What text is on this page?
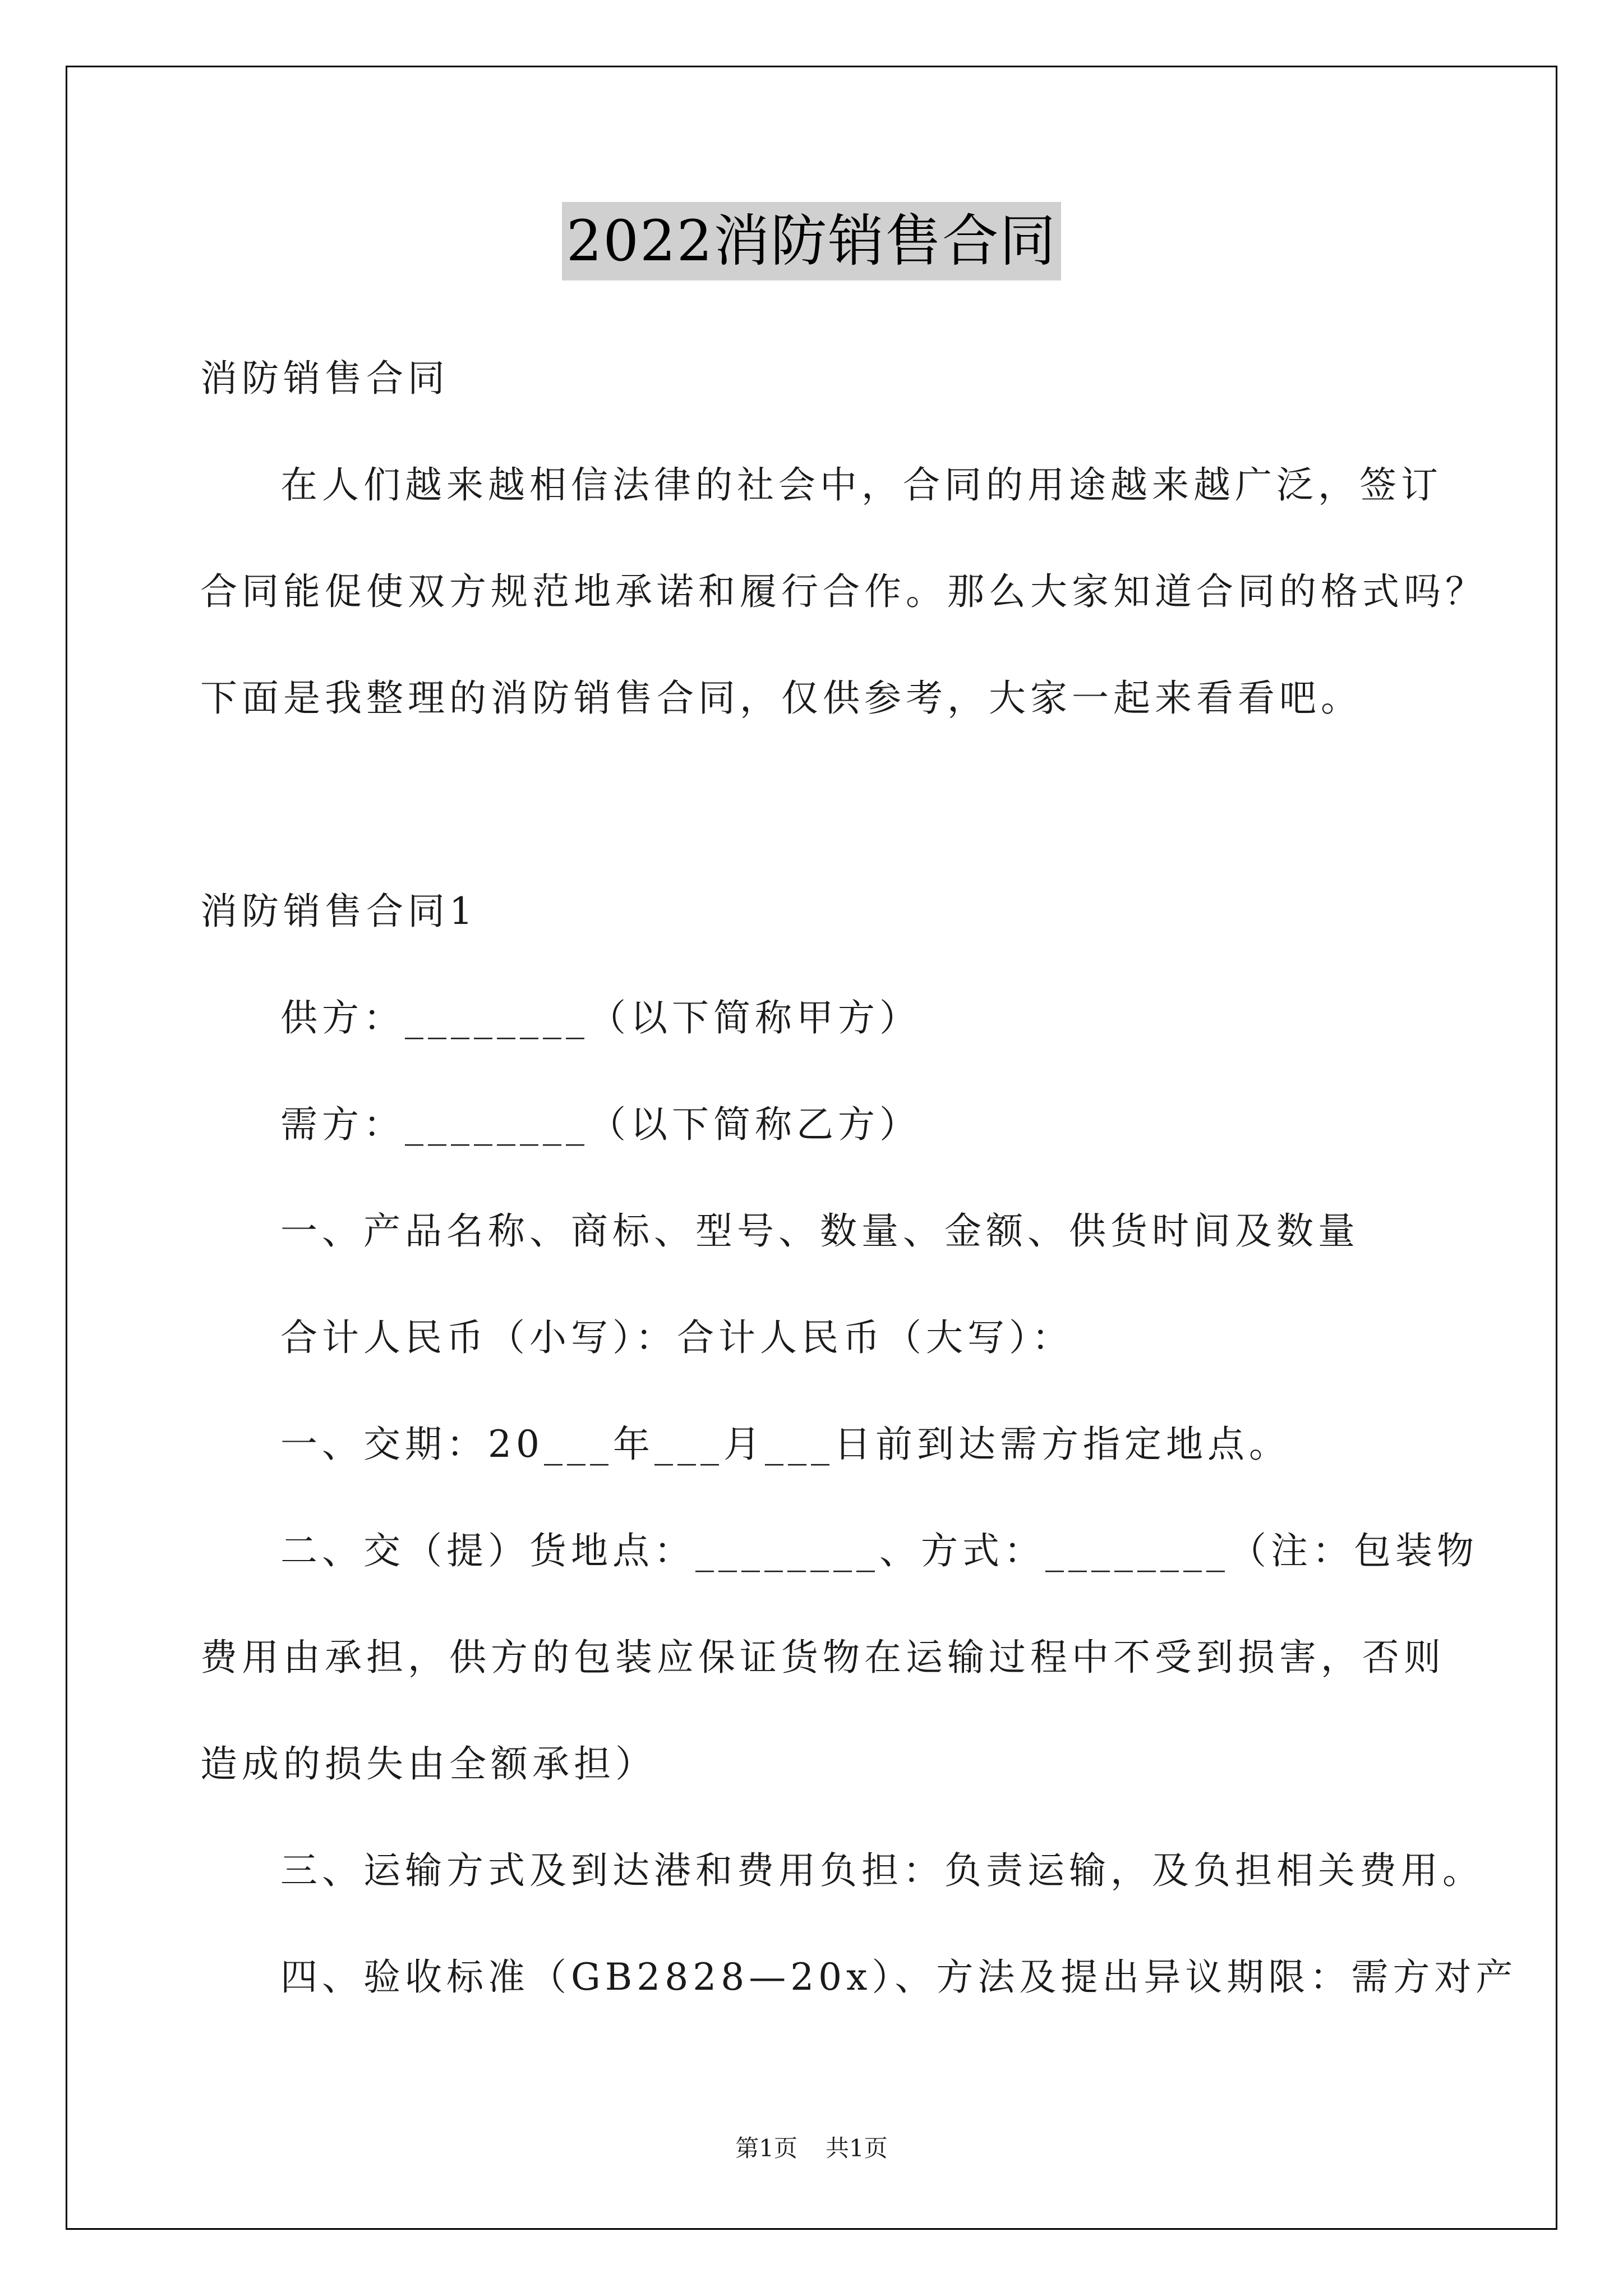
2022消防销售合同
消防销售合同
在人们越来越相信法律的社会中，合同的用途越来越广泛，签订
合同能促使双方规范地承诺和履行合作。那么大家知道合同的格式吗？
下面是我整理的消防销售合同，仅供参考，大家一起来看看吧。
消防销售合同1
供方：________（以下简称甲方）
需方：________（以下简称乙方）
一、产品名称、商标、型号、数量、金额、供货时间及数量
合计人民币（小写）：合计人民币（大写）：
一、交期：20___年___月___日前到达需方指定地点。
二、交（提）货地点：________、方式：________（注：包装物
费用由承担，供方的包装应保证货物在运输过程中不受到损害，否则
造成的损失由全额承担）
三、运输方式及到达港和费用负担：负责运输，及负担相关费用。
四、验收标准（GB2828—20x）、方法及提出异议期限：需方对产
第1页 共1页
